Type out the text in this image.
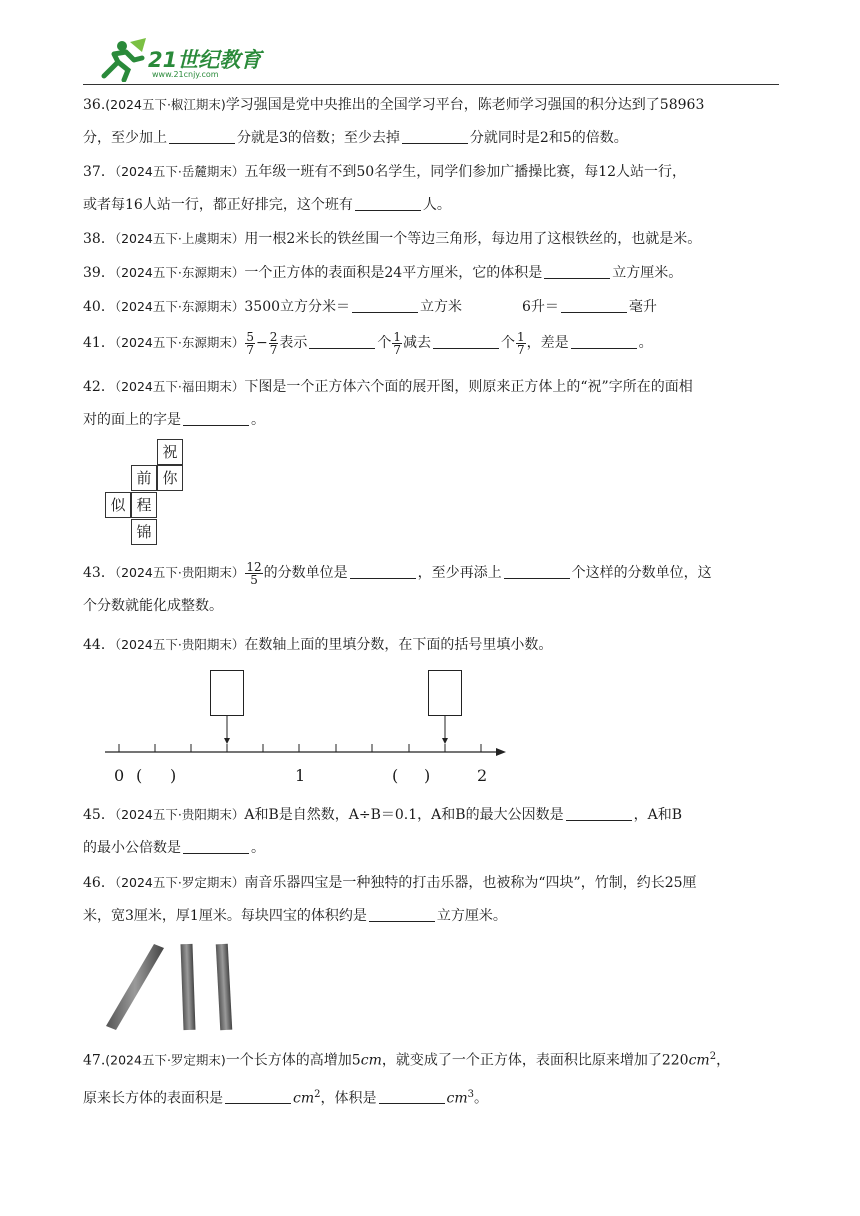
21世纪教育
www.21cnjy.com
36.(2024五下·椒江期末)学习强国是党中央推出的全国学习平台，陈老师学习强国的积分达到了58963
分，至少加上	分就是3的倍数；至少去掉	分就同时是2和5的倍数。
37．（2024五下·岳麓期末）五年级一班有不到50名学生，同学们参加广播操比赛，每12人站一行，
或者每16人站一行，都正好排完，这个班有	人。
38．（2024五下·上虞期末）用一根2米长的铁丝围一个等边三角形，每边用了这根铁丝的，也就是米。
39．（2024五下·东源期末）一个正方体的表面积是24平方厘米，它的体积是	立方厘米。
40．（2024五下·东源期末）3500立方分米＝	立方米	6升＝	毫升
41．（2024五下·东源期末） $\frac{5}{7} - \frac{2}{7}$ 表示	个 $\frac{1}{7}$ 减去	个 $\frac{1}{7}$ ，差是	。
42．（2024五下·福田期末）下图是一个正方体六个面的展开图，则原来正方体上的“祝”字所在的面相
对的面上的字是	。
祝
前 你
似 程
锦
43．（2024五下·贵阳期末） $\frac{12}{5}$ 的分数单位是	，至少再添上	个这样的分数单位，这
个分数就能化成整数。
44．（2024五下·贵阳期末）在数轴上面的里填分数，在下面的括号里填小数。
0 ( )	1	( )	2
45．（2024五下·贵阳期末）A和B是自然数，A÷B＝0.1，A和B的最大公因数是	，A和B
的最小公倍数是	。
46．（2024五下·罗定期末）南音乐器四宝是一种独特的打击乐器，也被称为“四块”，竹制，约长25厘
米，宽3厘米，厚1厘米。每块四宝的体积约是	立方厘米。
47.(2024五下·罗定期末)一个长方体的高增加5cm，就变成了一个正方体，表面积比原来增加了$220cm^2$，
原来长方体的表面积是	$cm^2$，体积是	$cm^3$。
